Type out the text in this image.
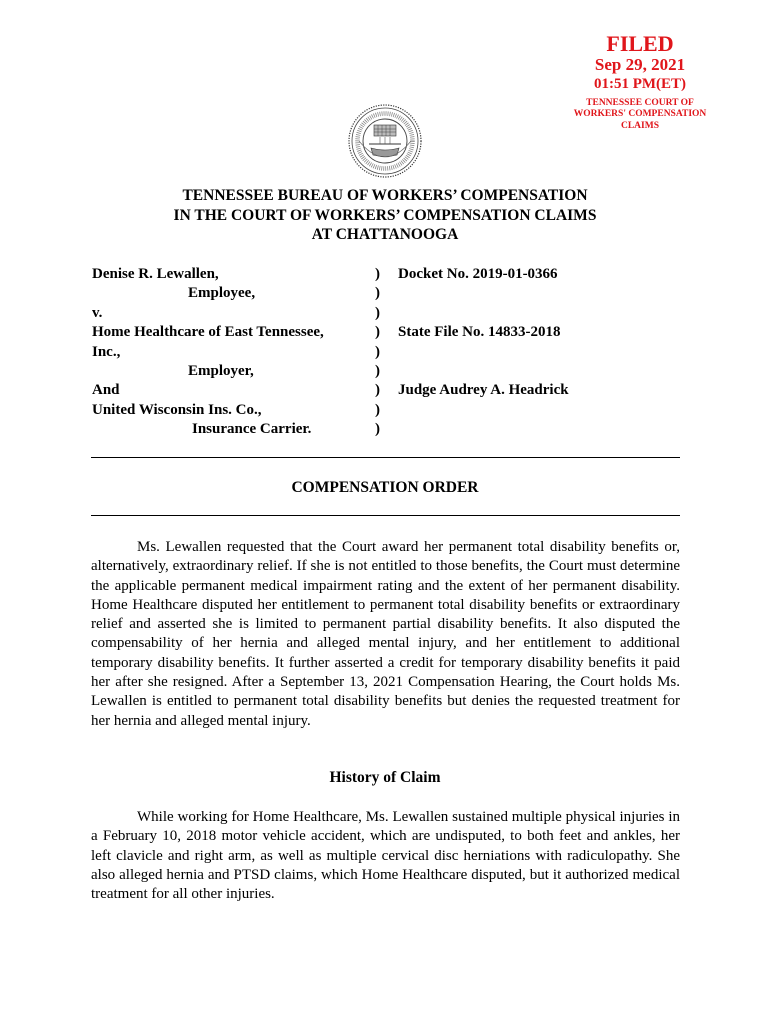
FILED
Sep 29, 2021
01:51 PM(ET)
TENNESSEE COURT OF
WORKERS' COMPENSATION
CLAIMS
TENNESSEE BUREAU OF WORKERS’ COMPENSATION
IN THE COURT OF WORKERS’ COMPENSATION CLAIMS
AT CHATTANOOGA
Denise R. Lewallen,
Employee,
v.
Home Healthcare of East Tennessee,
Inc.,
Employer,
And
United Wisconsin Ins. Co.,
Insurance Carrier.
)
)
)
)
)
)
)
)
)
Docket No. 2019-01-0366

State File No. 14833-2018

Judge Audrey A. Headrick
COMPENSATION ORDER

Ms. Lewallen requested that the Court award her permanent total disability benefits or, alternatively, extraordinary relief. If she is not entitled to those benefits, the Court must determine the applicable permanent medical impairment rating and the extent of her permanent disability. Home Healthcare disputed her entitlement to permanent total disability benefits or extraordinary relief and asserted she is limited to permanent partial disability benefits. It also disputed the compensability of her hernia and alleged mental injury, and her entitlement to additional temporary disability benefits. It further asserted a credit for temporary disability benefits it paid her after she resigned. After a September 13, 2021 Compensation Hearing, the Court holds Ms. Lewallen is entitled to permanent total disability benefits but denies the requested treatment for her hernia and alleged mental injury.

History of Claim

While working for Home Healthcare, Ms. Lewallen sustained multiple physical injuries in a February 10, 2018 motor vehicle accident, which are undisputed, to both feet and ankles, her left clavicle and right arm, as well as multiple cervical disc herniations with radiculopathy. She also alleged hernia and PTSD claims, which Home Healthcare disputed, but it authorized medical treatment for all other injuries.
